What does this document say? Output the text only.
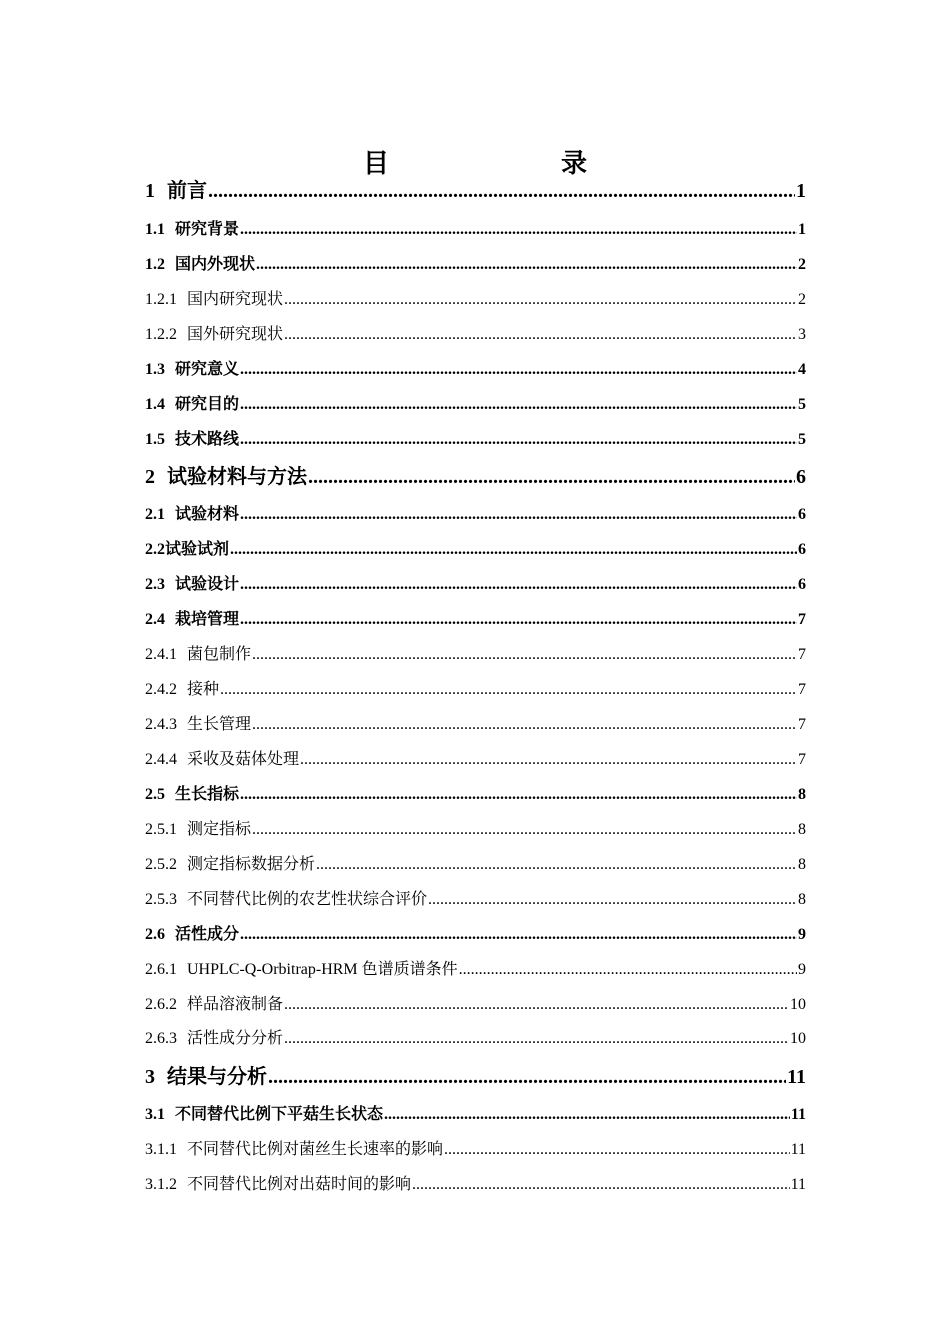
目　　录
1 前言 .....	1
1.1 研究背景 .....	1
1.2 国内外现状 .....	2
1.2.1 国内研究现状 .....	2
1.2.2 国外研究现状 .....	3
1.3 研究意义 .....	4
1.4 研究目的 .....	5
1.5 技术路线 .....	5
2 试验材料与方法 .....	6
2.1 试验材料 .....	6
2.2 试验试剂 .....	6
2.3 试验设计 .....	6
2.4 栽培管理 .....	7
2.4.1 菌包制作 .....	7
2.4.2 接种 .....	7
2.4.3 生长管理 .....	7
2.4.4 采收及菇体处理 .....	7
2.5 生长指标 .....	8
2.5.1 测定指标 .....	8
2.5.2 测定指标数据分析 .....	8
2.5.3 不同替代比例的农艺性状综合评价 .....	8
2.6 活性成分 .....	9
2.6.1 UHPLC-Q-Orbitrap-HRM 色谱质谱条件 .....	9
2.6.2 样品溶液制备 .....	10
2.6.3 活性成分分析 .....	10
3 结果与分析 .....	11
3.1 不同替代比例下平菇生长状态 .....	11
3.1.1 不同替代比例对菌丝生长速率的影响 .....	11
3.1.2 不同替代比例对出菇时间的影响 .....	11
